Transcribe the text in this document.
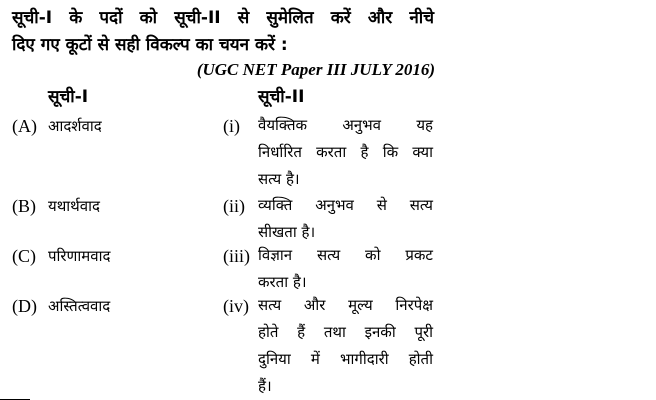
सूची-I के पदों को सूची-II से सुमेलित करें और नीचे
दिए गए कूटों से सही विकल्प का चयन करें :
(UGC NET Paper III JULY 2016)
सूची-I	सूची-II
(A) आदर्शवाद	(i) वैयक्तिक अनुभव यह
निर्धारित करता है कि क्या
सत्य है।
(B) यथार्थवाद	(ii) व्यक्ति अनुभव से सत्य
सीखता है।
(C) परिणामवाद	(iii) विज्ञान सत्य को प्रकट
करता है।
(D) अस्तित्ववाद	(iv) सत्य और मूल्य निरपेक्ष
होते हैं तथा इनकी पूरी
दुनिया में भागीदारी होती
हैं।
